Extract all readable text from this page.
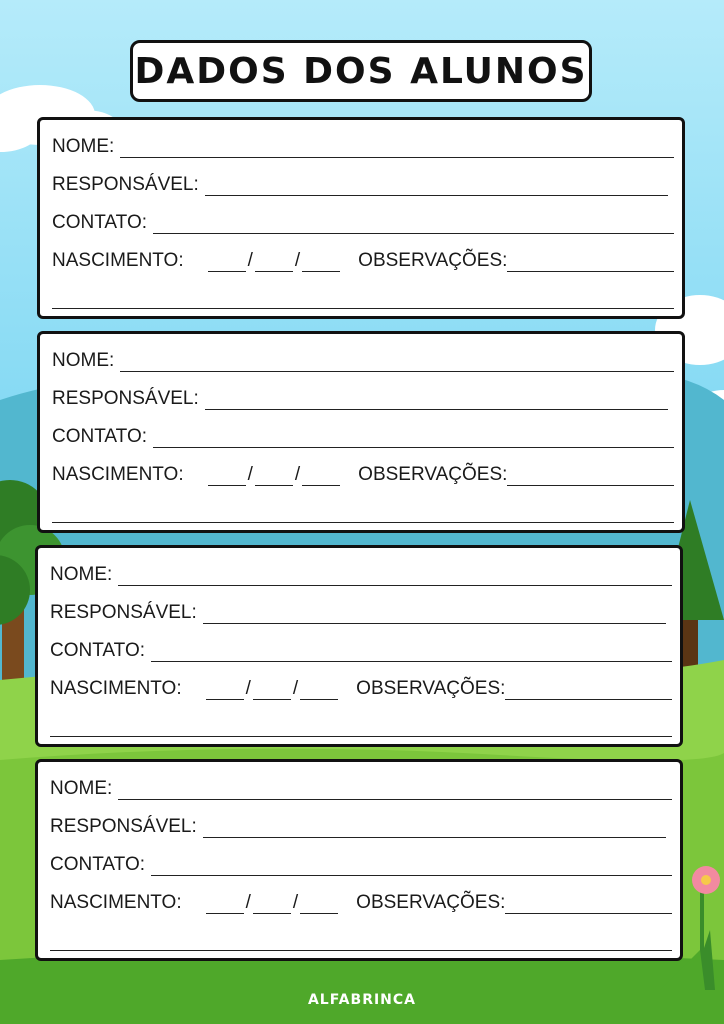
DADOS DOS ALUNOS
NOME:
RESPONSÁVEL:
CONTATO:
NASCIMENTO:	/ /	OBSERVAÇÕES:
NOME:
RESPONSÁVEL:
CONTATO:
NASCIMENTO:	/ /	OBSERVAÇÕES:
NOME:
RESPONSÁVEL:
CONTATO:
NASCIMENTO:	/ /	OBSERVAÇÕES:
NOME:
RESPONSÁVEL:
CONTATO:
NASCIMENTO:	/ /	OBSERVAÇÕES:
ALFABRINCA
